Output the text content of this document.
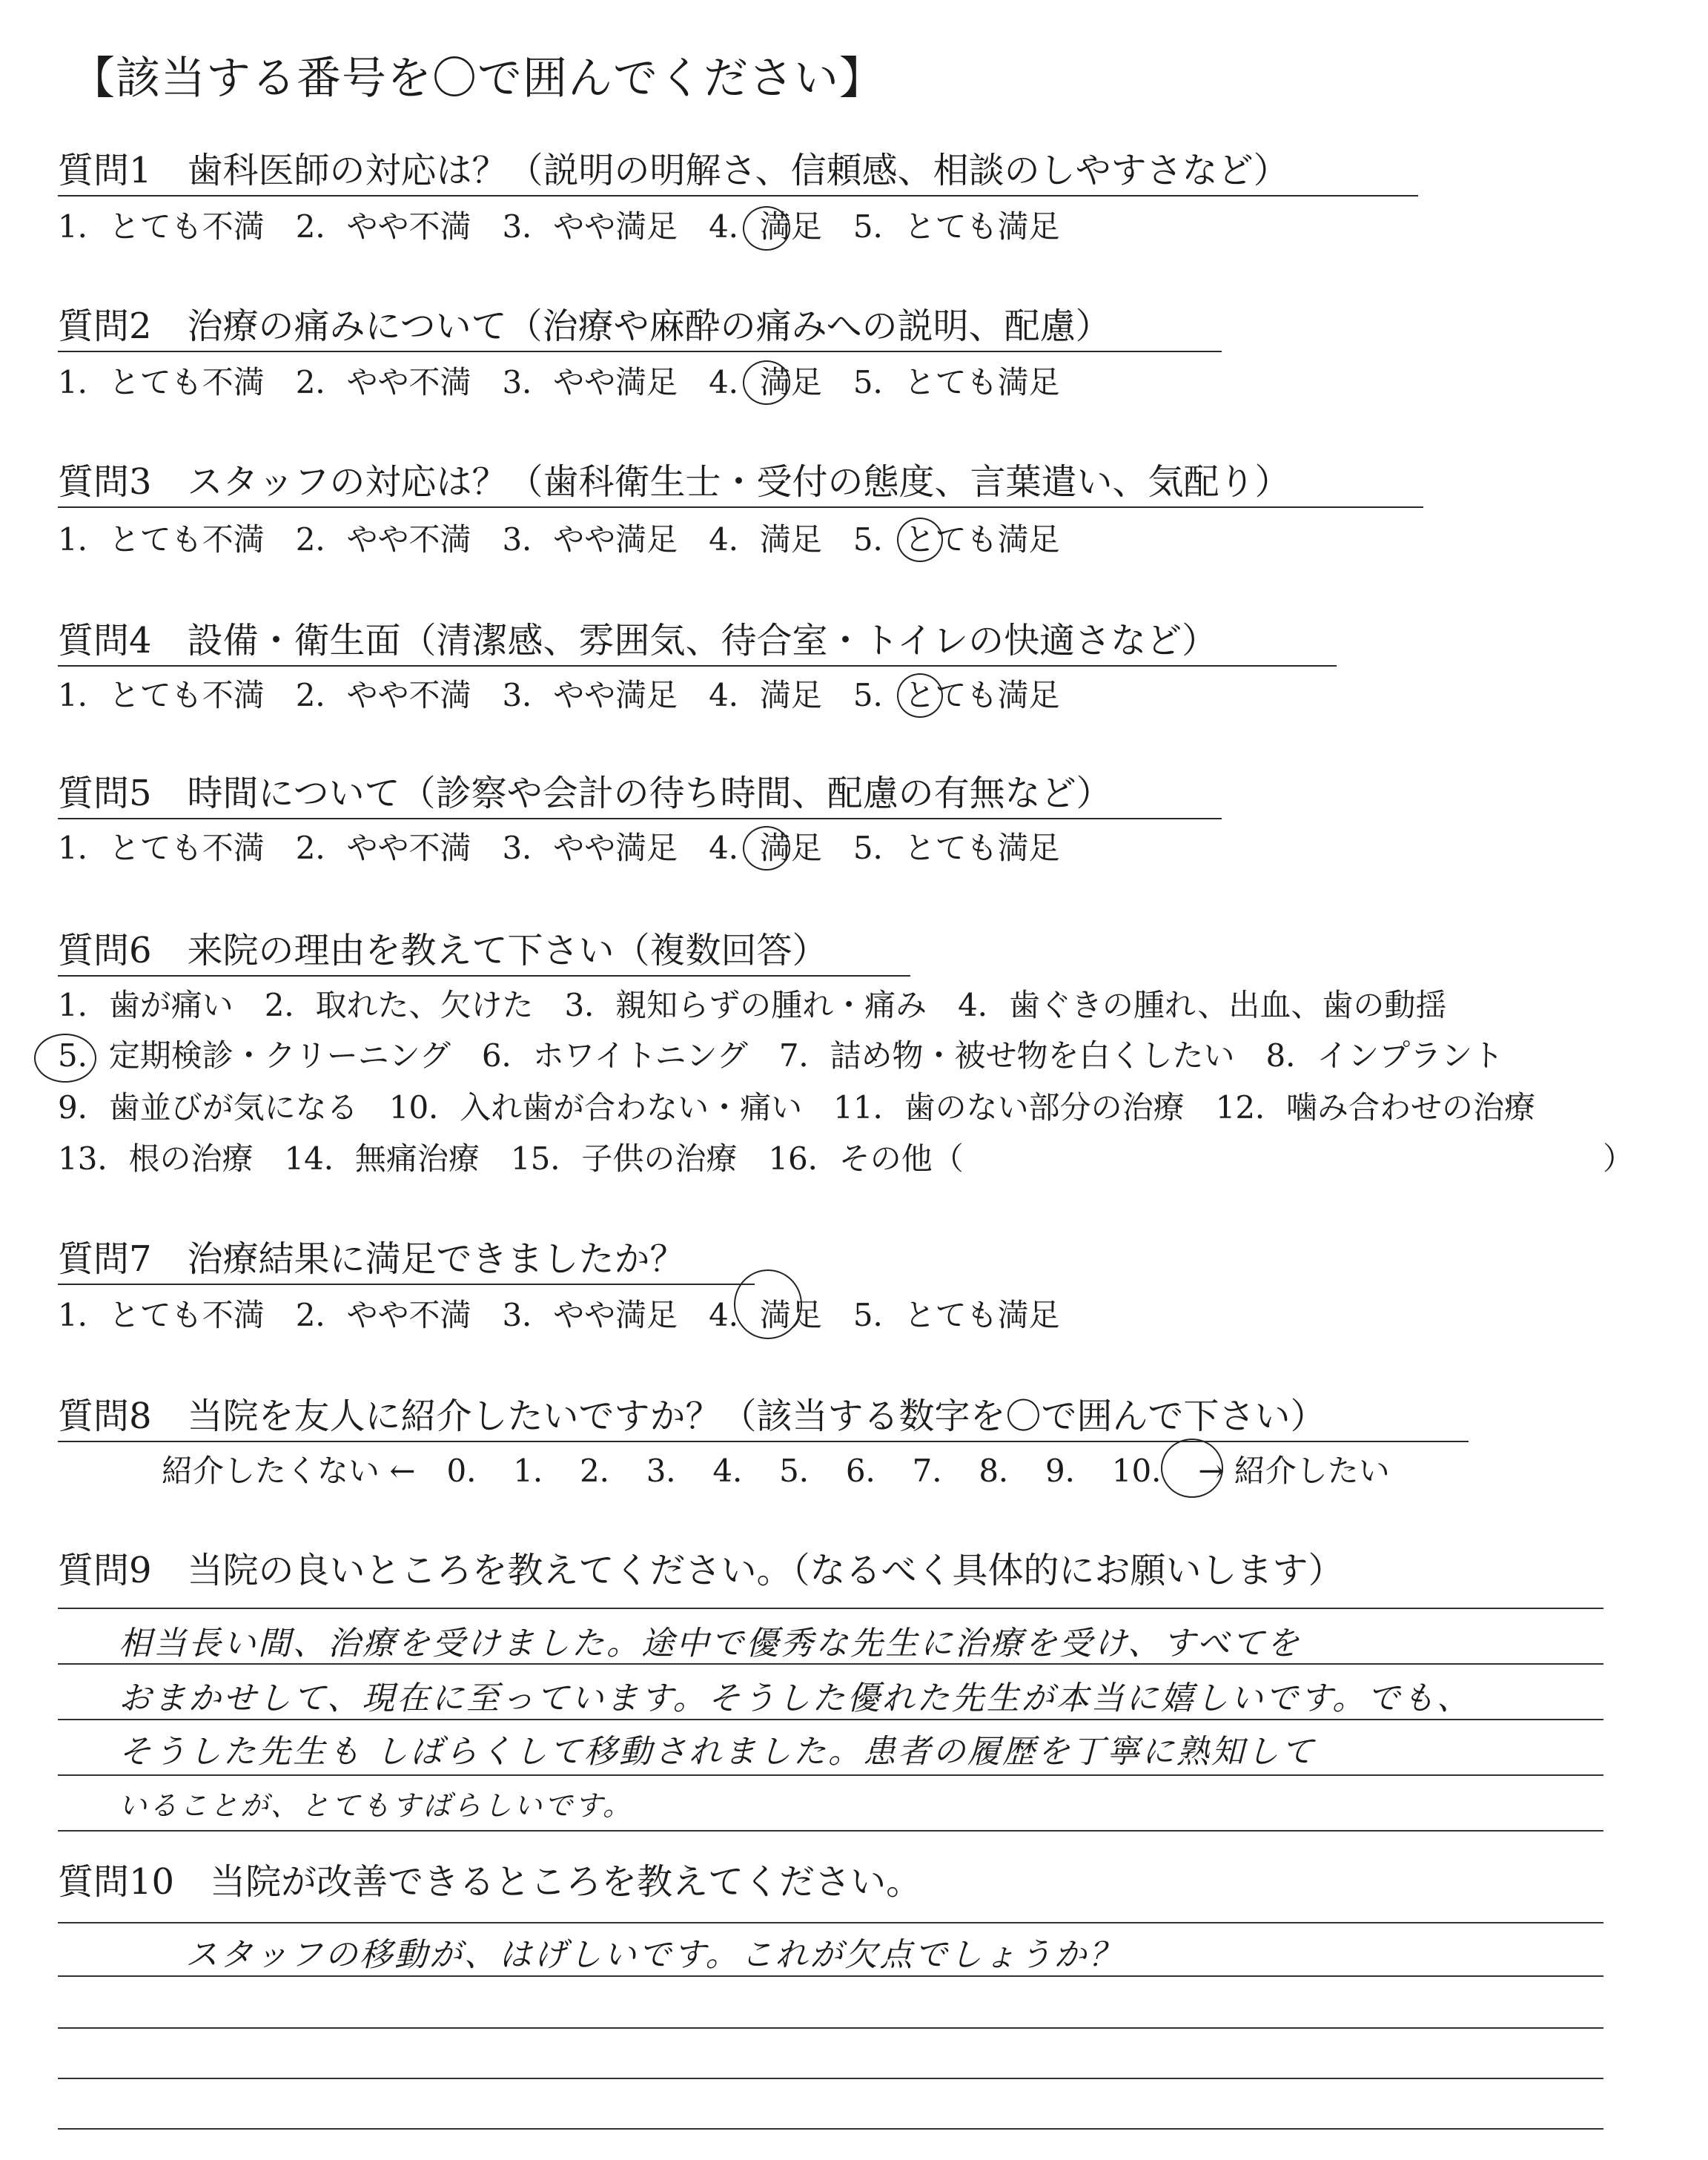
【該当する番号を〇で囲んでください】
質問1　歯科医師の対応は？（説明の明解さ、信頼感、相談のしやすさなど）
1．とても不満　2．やや不満　3．やや満足　4．満足　5．とても満足
質問2　治療の痛みについて（治療や麻酔の痛みへの説明、配慮）
1．とても不満　2．やや不満　3．やや満足　4．満足　5．とても満足
質問3　スタッフの対応は？（歯科衛生士・受付の態度、言葉遣い、気配り）
1．とても不満　2．やや不満　3．やや満足　4．満足　5．とても満足
質問4　設備・衛生面（清潔感、雰囲気、待合室・トイレの快適さなど）
1．とても不満　2．やや不満　3．やや満足　4．満足　5．とても満足
質問5　時間について（診察や会計の待ち時間、配慮の有無など）
1．とても不満　2．やや不満　3．やや満足　4．満足　5．とても満足
質問6　来院の理由を教えて下さい（複数回答）
1．歯が痛い　2．取れた、欠けた　3．親知らずの腫れ・痛み　4．歯ぐきの腫れ、出血、歯の動揺
5．定期検診・クリーニング　6．ホワイトニング　7．詰め物・被せ物を白くしたい　8．インプラント
9．歯並びが気になる　10．入れ歯が合わない・痛い　11．歯のない部分の治療　12．噛み合わせの治療
13．根の治療　14．無痛治療　15．子供の治療　16．その他（	）
質問7　治療結果に満足できましたか？
1．とても不満　2．やや不満　3．やや満足　4．満足　5．とても満足
質問8　当院を友人に紹介したいですか？（該当する数字を〇で囲んで下さい）
紹介したくない ←　0．　1．　2．　3．　4．　5．　6．　7．　8．　9．　10．　→ 紹介したい
質問9　当院の良いところを教えてください。（なるべく具体的にお願いします）
相当長い間、治療を受けました。途中で優秀な先生に治療を受け、すべてを
おまかせして、現在に至っています。そうした優れた先生が本当に嬉しいです。でも、
そうした先生も しばらくして移動されました。患者の履歴を丁寧に熟知して
いることが、とてもすばらしいです。
質問10　当院が改善できるところを教えてください。
スタッフの移動が、はげしいです。これが欠点でしょうか？
